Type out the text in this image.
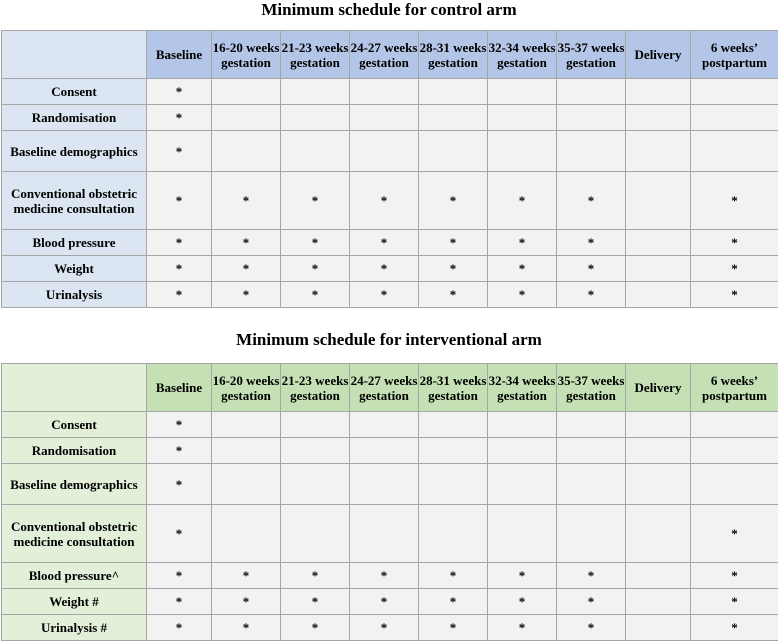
Minimum schedule for control arm
	Baseline	16-20 weeks gestation	21-23 weeks gestation	24-27 weeks gestation	28-31 weeks gestation	32-34 weeks gestation	35-37 weeks gestation	Delivery	6 weeks’ postpartum

Consent	*								

Randomisation	*								

Baseline demographics	*								

Conventional obstetric medicine consultation	*	*	*	*	*	*	*		*

Blood pressure	*	*	*	*	*	*	*		*

Weight	*	*	*	*	*	*	*		*

Urinalysis	*	*	*	*	*	*	*		*
Minimum schedule for interventional arm
	Baseline	16-20 weeks gestation	21-23 weeks gestation	24-27 weeks gestation	28-31 weeks gestation	32-34 weeks gestation	35-37 weeks gestation	Delivery	6 weeks’ postpartum

Consent	*								

Randomisation	*								

Baseline demographics	*								

Conventional obstetric medicine consultation	*								*

Blood pressure^	*	*	*	*	*	*	*		*

Weight #	*	*	*	*	*	*	*		*

Urinalysis #	*	*	*	*	*	*	*		*
